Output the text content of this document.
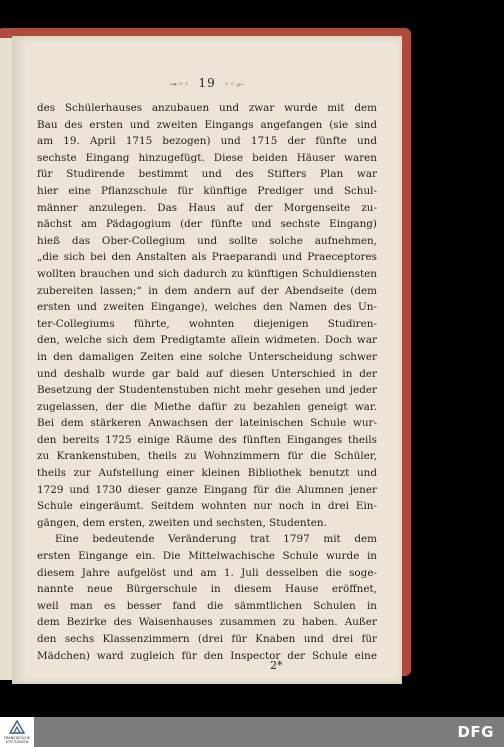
⊸◦◦ 19 ◦◦⟜
des Schülerhauses anzubauen und zwar wurde mit dem
Bau des ersten und zweiten Eingangs angefangen (sie sind
am 19. April 1715 bezogen) und 1715 der fünfte und
sechste Eingang hinzugefügt. Diese beiden Häuser waren
für Studirende bestimmt und des Stifters Plan war
hier eine Pflanzschule für künftige Prediger und Schul-
männer anzulegen. Das Haus auf der Morgenseite zu-
nächst am Pädagogium (der fünfte und sechste Eingang)
hieß das Ober-Collegium und sollte solche aufnehmen,
„die sich bei den Anstalten als Praeparandi und Praeceptores
wollten brauchen und sich dadurch zu künftigen Schuldiensten
zubereiten lassen;“ in dem andern auf der Abendseite (dem
ersten und zweiten Eingange), welches den Namen des Un-
ter-Collegiums führte, wohnten diejenigen Studiren-
den, welche sich dem Predigtamte allein widmeten. Doch war
in den damaligen Zeiten eine solche Unterscheidung schwer
und deshalb wurde gar bald auf diesen Unterschied in der
Besetzung der Studentenstuben nicht mehr gesehen und jeder
zugelassen, der die Miethe dafür zu bezahlen geneigt war.
Bei dem stärkeren Anwachsen der lateinischen Schule wur-
den bereits 1725 einige Räume des fünften Einganges theils
zu Krankenstuben, theils zu Wohnzimmern für die Schüler,
theils zur Aufstellung einer kleinen Bibliothek benutzt und
1729 und 1730 dieser ganze Eingang für die Alumnen jener
Schule eingeräumt. Seitdem wohnten nur noch in drei Ein-
gängen, dem ersten, zweiten und sechsten, Studenten.
Eine bedeutende Veränderung trat 1797 mit dem
ersten Eingange ein. Die Mittelwachische Schule wurde in
diesem Jahre aufgelöst und am 1. Juli desselben die soge-
nannte neue Bürgerschule in diesem Hause eröffnet,
weil man es besser fand die sämmtlichen Schulen in
dem Bezirke des Waisenhauses zusammen zu haben. Außer
den sechs Klassenzimmern (drei für Knaben und drei für
Mädchen) ward zugleich für den Inspector der Schule eine
2*
FRANCKESCHE STIFTUNGEN
DFG
